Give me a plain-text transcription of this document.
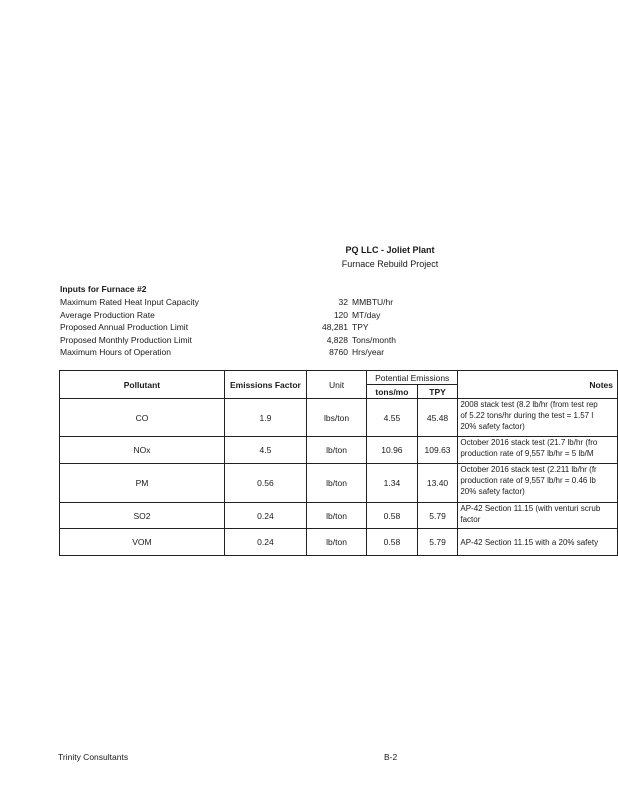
PQ LLC - Joliet Plant
Furnace Rebuild Project
Inputs for Furnace #2
Maximum Rated Heat Input Capacity	32 MMBTU/hr
Average Production Rate	120 MT/day
Proposed Annual Production Limit	48,281 TPY
Proposed Monthly Production Limit	4,828 Tons/month
Maximum Hours of Operation	8760 Hrs/year
Pollutant	Emissions Factor	Unit	Potential Emissions		Notes
			tons/mo	TPY	
CO	1.9	lbs/ton	4.55	45.48	2008 stack test (8.2 lb/hr (from test rep
of 5.22 tons/hr during the test = 1.57 l
20% safety factor)

NOx	4.5	lb/ton	10.96	109.63	October 2016 stack test (21.7 lb/hr (fro
production rate of 9,557 lb/hr = 5 lb/M

PM	0.56	lb/ton	1.34	13.40	October 2016 stack test (2.211 lb/hr (fr
production rate of 9,557 lb/hr = 0.46 lb
20% safety factor)

SO2	0.24	lb/ton	0.58	5.79	AP-42 Section 11.15 (with venturi scrub
factor

VOM	0.24	lb/ton	0.58	5.79	AP-42 Section 11.15 with a 20% safety
Trinity Consultants	B-2
